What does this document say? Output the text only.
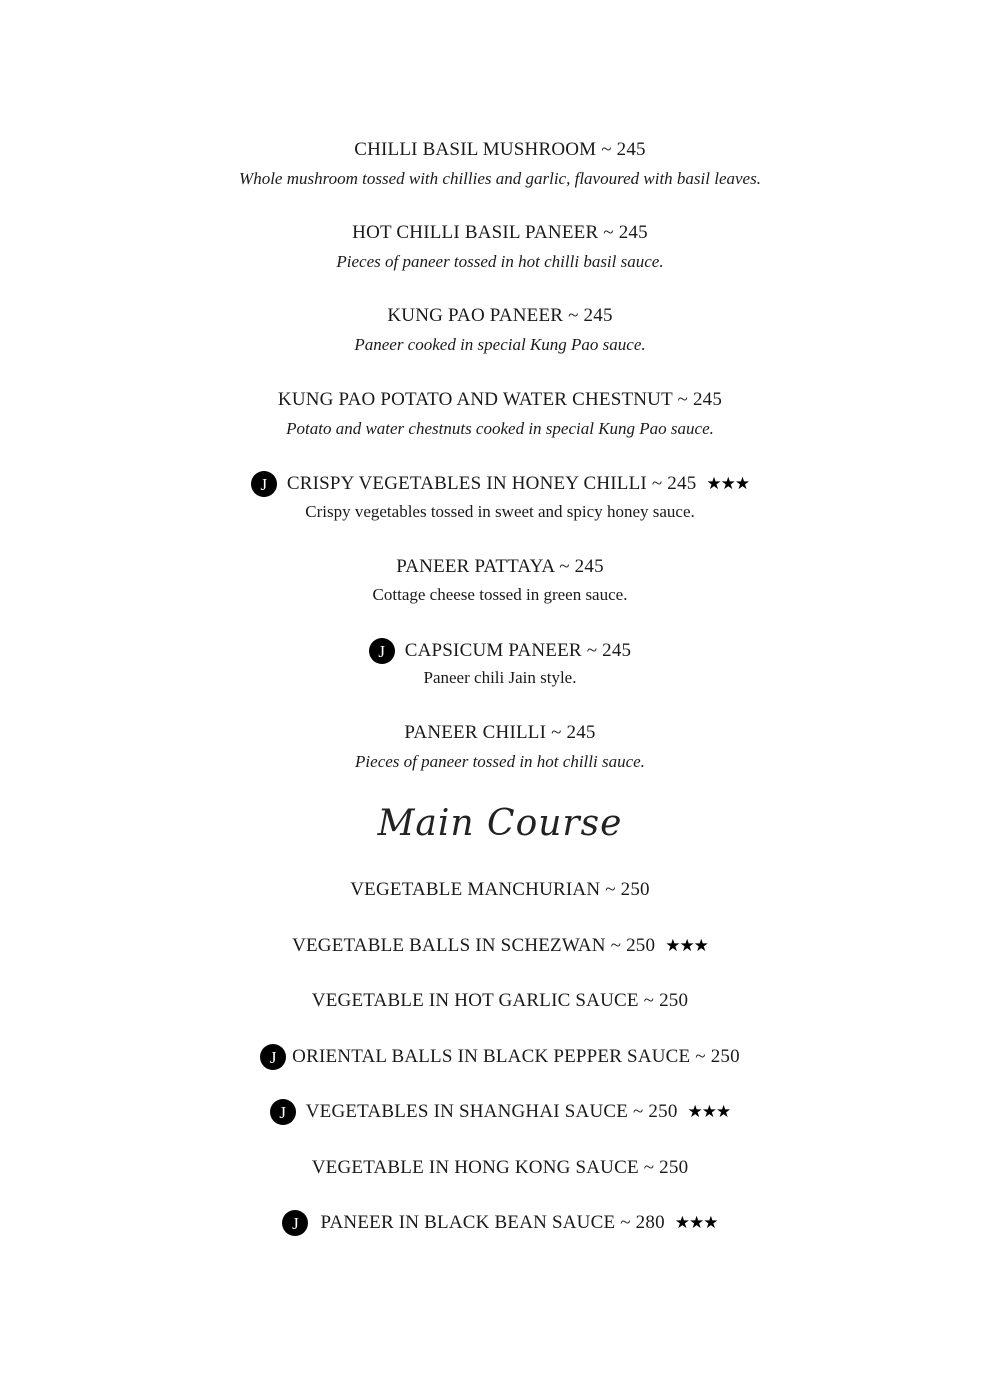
CHILLI BASIL MUSHROOM ~ 245
Whole mushroom tossed with chillies and garlic, flavoured with basil leaves.
HOT CHILLI BASIL PANEER ~ 245
Pieces of paneer tossed in hot chilli basil sauce.
KUNG PAO PANEER ~ 245
Paneer cooked in special Kung Pao sauce.
KUNG PAO POTATO AND WATER CHESTNUT ~ 245
Potato and water chestnuts cooked in special Kung Pao sauce.
J	CRISPY VEGETABLES IN HONEY CHILLI ~ 245 ★★★
Crispy vegetables tossed in sweet and spicy honey sauce.
PANEER PATTAYA ~ 245
Cottage cheese tossed in green sauce.
J	CAPSICUM PANEER ~ 245
Paneer chili Jain style.
PANEER CHILLI ~ 245
Pieces of paneer tossed in hot chilli sauce.
Main Course
VEGETABLE MANCHURIAN ~ 250
VEGETABLE BALLS IN SCHEZWAN ~ 250 ★★★
VEGETABLE IN HOT GARLIC SAUCE ~ 250
J ORIENTAL BALLS IN BLACK PEPPER SAUCE ~ 250
J	VEGETABLES IN SHANGHAI SAUCE ~ 250 ★★★
VEGETABLE IN HONG KONG SAUCE ~ 250
J	PANEER IN BLACK BEAN SAUCE ~ 280 ★★★
